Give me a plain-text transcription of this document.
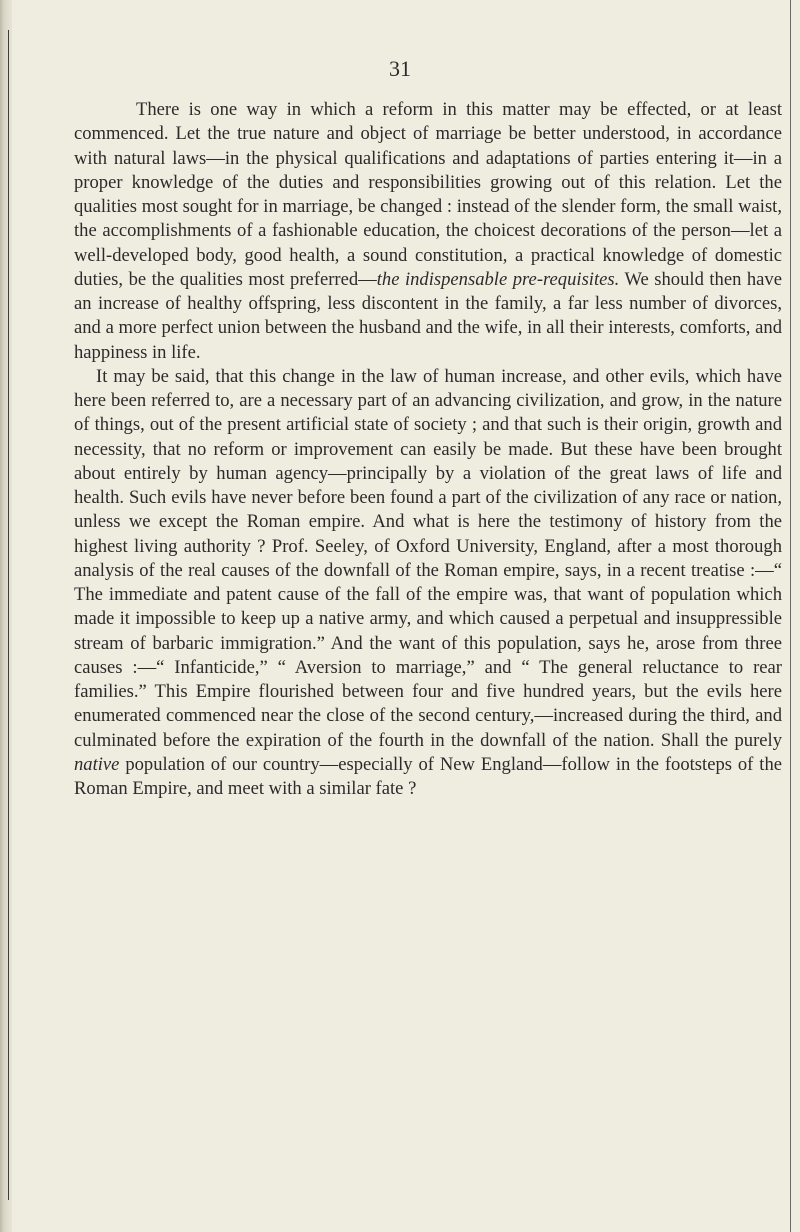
31

There is one way in which a reform in this matter may be effected, or at least commenced. Let the true nature and object of marriage be better understood, in accordance with natural laws—in the physical qualifications and adaptations of parties entering it—in a proper knowledge of the duties and responsibilities growing out of this relation. Let the qualities most sought for in marriage, be changed : instead of the slender form, the small waist, the accomplishments of a fashionable education, the choicest decorations of the person—let a well-developed body, good health, a sound constitution, a practical knowledge of domestic duties, be the qualities most preferred—the indispensable pre-requisites. We should then have an increase of healthy offspring, less discontent in the family, a far less number of divorces, and a more perfect union between the husband and the wife, in all their interests, comforts, and happiness in life.

It may be said, that this change in the law of human increase, and other evils, which have here been referred to, are a necessary part of an advancing civilization, and grow, in the nature of things, out of the present artificial state of society ; and that such is their origin, growth and necessity, that no reform or improvement can easily be made. But these have been brought about entirely by human agency—principally by a violation of the great laws of life and health. Such evils have never before been found a part of the civilization of any race or nation, unless we except the Roman empire. And what is here the testimony of history from the highest living authority ? Prof. Seeley, of Oxford University, England, after a most thorough analysis of the real causes of the downfall of the Roman empire, says, in a recent treatise :—“ The immediate and patent cause of the fall of the empire was, that want of population which made it impossible to keep up a native army, and which caused a perpetual and insuppressible stream of barbaric immigration.” And the want of this population, says he, arose from three causes :—“ Infanticide,” “ Aversion to marriage,” and “ The general reluctance to rear families.” This Empire flourished between four and five hundred years, but the evils here enumerated commenced near the close of the second century,—increased during the third, and culminated before the expiration of the fourth in the downfall of the nation. Shall the purely native population of our country—especially of New England—follow in the footsteps of the Roman Empire, and meet with a similar fate ?
